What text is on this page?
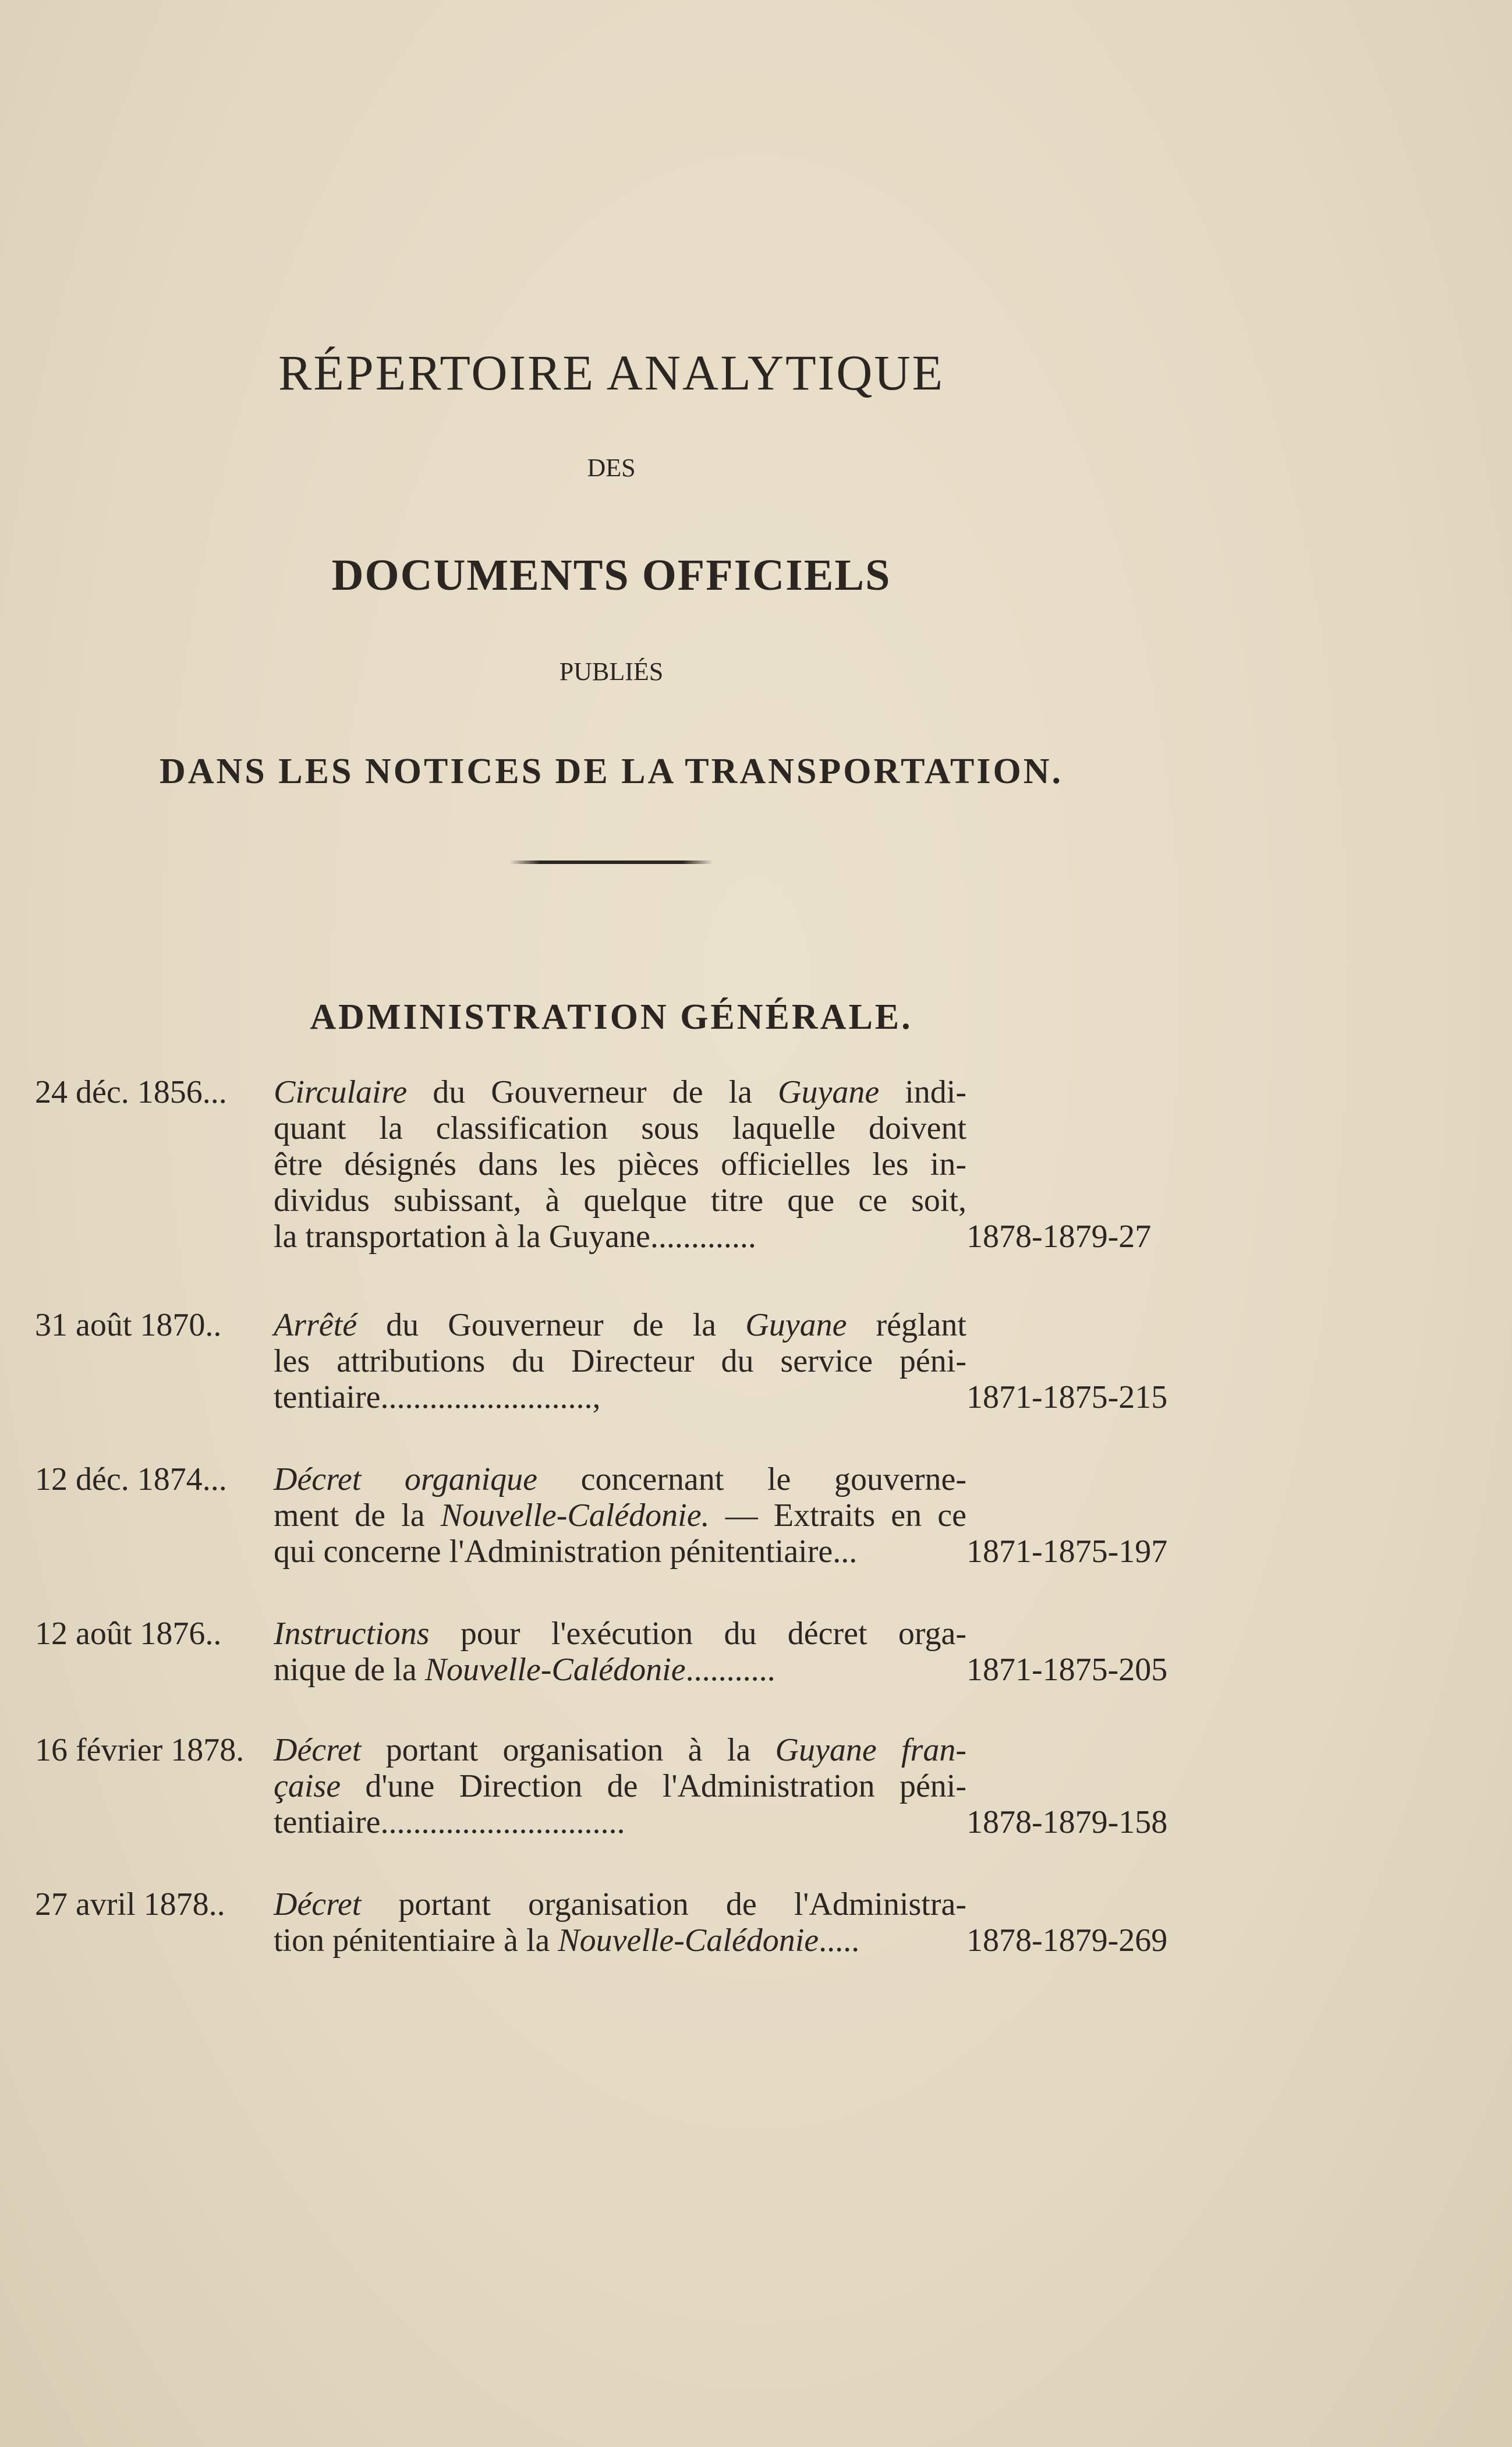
RÉPERTOIRE ANALYTIQUE
DES
DOCUMENTS OFFICIELS
PUBLIÉS
DANS LES NOTICES DE LA TRANSPORTATION.
ADMINISTRATION GÉNÉRALE.
24 déc. 1856...	Circulaire du Gouverneur de la Guyane indi-
quant la classification sous laquelle doivent
être désignés dans les pièces officielles les in-
dividus subissant, à quelque titre que ce soit,
la transportation à la Guyane.............	1878-1879-27
31 août 1870..	Arrêté du Gouverneur de la Guyane réglant
les attributions du Directeur du service péni-
tentiaire..........................,	1871-1875-215
12 déc. 1874...	Décret organique concernant le gouverne-
ment de la Nouvelle-Calédonie. — Extraits en ce
qui concerne l'Administration pénitentiaire...	1871-1875-197
12 août 1876..	Instructions pour l'exécution du décret orga-
nique de la Nouvelle-Calédonie...........	1871-1875-205
16 février 1878. Décret portant organisation à la Guyane fran-
çaise d'une Direction de l'Administration péni-
tentiaire..............................	1878-1879-158
27 avril 1878..	Décret portant organisation de l'Administra-
tion pénitentiaire à la Nouvelle-Calédonie.....	1878-1879-269
